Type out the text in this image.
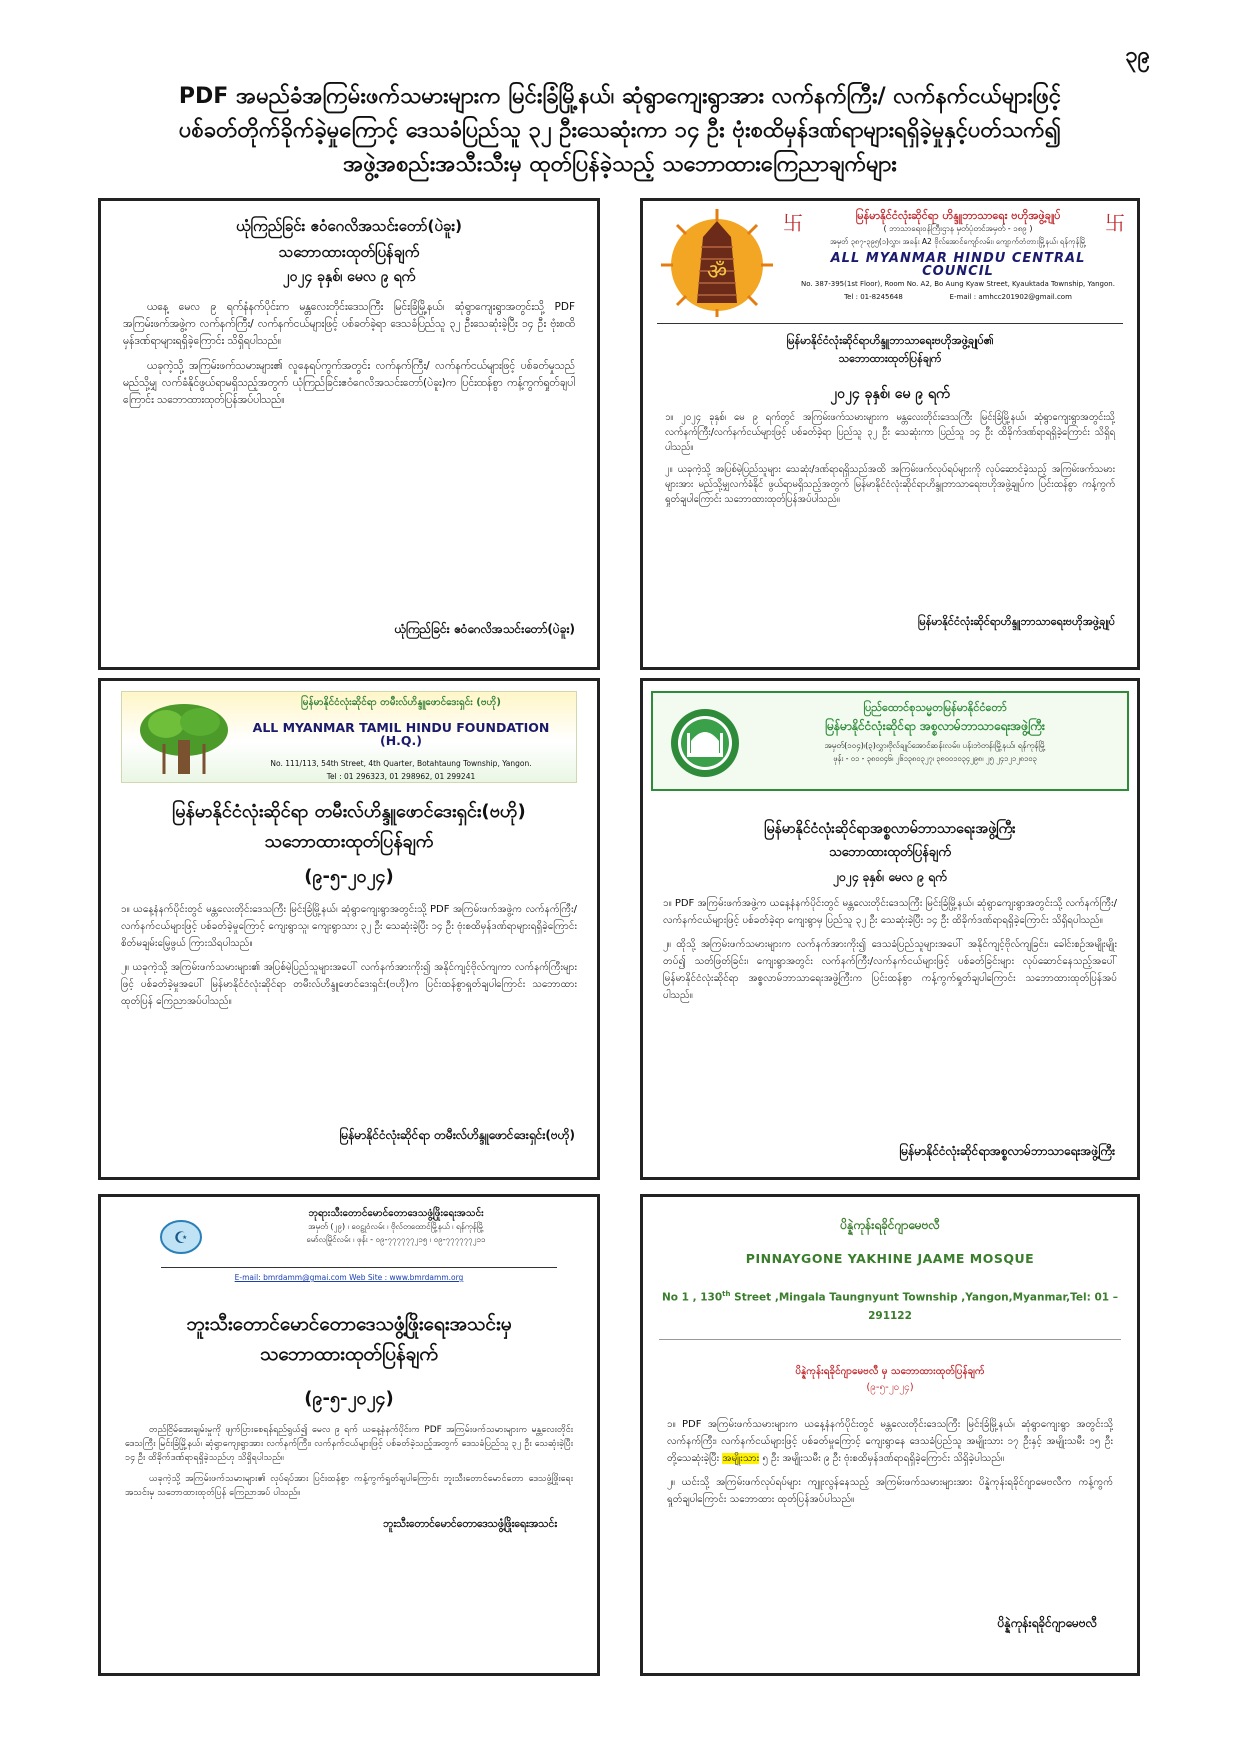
၃၉
PDF အမည်ခံအကြမ်းဖက်သမားများက မြင်းခြံမြို့နယ်၊ ဆုံရွာကျေးရွာအား လက်နက်ကြီး/ လက်နက်ငယ်များဖြင့်
ပစ်ခတ်တိုက်ခိုက်ခဲ့မှုကြောင့် ဒေသခံပြည်သူ ၃၂ ဦးသေဆုံးကာ ၁၄ ဦး ဗုံးစထိမှန်ဒဏ်ရာများရရှိခဲ့မှုနှင့်ပတ်သက်၍
အဖွဲ့အစည်းအသီးသီးမှ ထုတ်ပြန်ခဲ့သည့် သဘောထားကြေညာချက်များ
ယုံကြည်ခြင်း ဧဝံဂေလိအသင်းတော်(ပဲခူး)
သဘောထားထုတ်ပြန်ချက်
၂၀၂၄ ခုနှစ်၊ မေလ ၉ ရက်

ယနေ့ မေလ ၉ ရက်နံနက်ပိုင်းက မန္တလေးတိုင်းဒေသကြီး မြင်းခြံမြို့နယ်၊ ဆုံရွာကျေးရွာအတွင်းသို့ PDF အကြမ်းဖက်အဖွဲ့က လက်နက်ကြီး/ လက်နက်ငယ်များဖြင့် ပစ်ခတ်ခဲ့ရာ ဒေသခံပြည်သူ ၃၂ ဦးသေဆုံးခဲ့ပြီး ၁၄ ဦး ဗုံးစထိမှန်ဒဏ်ရာများရရှိခဲ့ကြောင်း သိရှိရပါသည်။

ယခုကဲ့သို့ အကြမ်းဖက်သမားများ၏ လူနေရပ်ကွက်အတွင်း လက်နက်ကြီး/ လက်နက်ငယ်များဖြင့် ပစ်ခတ်မှုသည် မည်သို့မျှ လက်ခံနိုင်ဖွယ်ရာမရှိသည့်အတွက် ယုံကြည်ခြင်းဧဝံဂေလိအသင်းတော်(ပဲခူး)က ပြင်းထန်စွာ ကန့်ကွက်ရှုတ်ချပါကြောင်း သဘောထားထုတ်ပြန်အပ်ပါသည်။

ယုံကြည်ခြင်း ဧဝံဂေလိအသင်းတော်(ပဲခူး)
卐	卐
ॐ
မြန်မာနိုင်ငံလုံးဆိုင်ရာ ဟိန္ဒူဘာသာရေး ဗဟိုအဖွဲ့ချုပ်
( ဘာသာရေးဝန်ကြီးဌာန မှတ်ပုံတင်အမှတ် - ၁၈၉ )
အမှတ် ၃၈၇-၃၉၅(၁)လွှာ၊ အခန်း A2 ဗိုလ်အောင်ကျော်လမ်း၊ ကျောက်တံတားမြို့နယ်၊ ရန်ကုန်မြို့
ALL MYANMAR HINDU CENTRAL COUNCIL
No. 387-395(1st Floor), Room No. A2, Bo Aung Kyaw Street, Kyauktada Township, Yangon.
Tel : 01-8245648                     E-mail : amhcc201902@gmail.com
မြန်မာနိုင်ငံလုံးဆိုင်ရာဟိန္ဒူဘာသာရေးဗဟိုအဖွဲ့ချုပ်၏
သဘောထားထုတ်ပြန်ချက်
၂၀၂၄ ခုနှစ်၊ မေ ၉ ရက်

၁။ ၂၀၂၄ ခုနှစ်၊ မေ ၉ ရက်တွင် အကြမ်းဖက်သမားများက မန္တလေးတိုင်းဒေသကြီး မြင်းခြံမြို့နယ်၊ ဆုံရွာကျေးရွာအတွင်းသို့ လက်နက်ကြီး/လက်နက်ငယ်များဖြင့် ပစ်ခတ်ခဲ့ရာ ပြည်သူ ၃၂ ဦး သေဆုံးကာ ပြည်သူ ၁၄ ဦး ထိခိုက်ဒဏ်ရာရရှိခဲ့ကြောင်း သိရှိရပါသည်။

၂။ ယခုကဲ့သို့ အပြစ်မဲ့ပြည်သူများ သေဆုံး/ဒဏ်ရာရရှိသည်အထိ အကြမ်းဖက်လုပ်ရပ်များကို လုပ်ဆောင်ခဲ့သည့် အကြမ်းဖက်သမားများအား မည်သို့မျှလက်ခံနိုင် ဖွယ်ရာမရှိသည့်အတွက် မြန်မာနိုင်ငံလုံးဆိုင်ရာဟိန္ဒူဘာသာရေးဗဟိုအဖွဲ့ချုပ်က ပြင်းထန်စွာ ကန့်ကွက်ရှုတ်ချပါကြောင်း သဘောထားထုတ်ပြန်အပ်ပါသည်။

မြန်မာနိုင်ငံလုံးဆိုင်ရာဟိန္ဒူဘာသာရေးဗဟိုအဖွဲ့ချုပ်
မြန်မာနိုင်ငံလုံးဆိုင်ရာ တမီးလ်ဟိန္ဒူဖောင်ဒေးရှင်း (ဗဟို)
ALL MYANMAR TAMIL HINDU FOUNDATION (H.Q.)
No. 111/113, 54th Street, 4th Quarter, Botahtaung Township, Yangon.
Tel : 01 296323, 01 298962, 01 299241
မြန်မာနိုင်ငံလုံးဆိုင်ရာ တမီးလ်ဟိန္ဒူဖောင်ဒေးရှင်း(ဗဟို)
သဘောထားထုတ်ပြန်ချက်
(၉-၅-၂၀၂၄)

၁။ ယနေ့နံနက်ပိုင်းတွင် မန္တလေးတိုင်းဒေသကြီး မြင်းခြံမြို့နယ်၊ ဆုံရွာကျေးရွာအတွင်းသို့ PDF အကြမ်းဖက်အဖွဲ့က လက်နက်ကြီး/လက်နက်ငယ်များဖြင့် ပစ်ခတ်ခဲ့မှုကြောင့် ကျေးရွာသူ၊ ကျေးရွာသား ၃၂ ဦး သေဆုံးခဲ့ပြီး ၁၄ ဦး ဗုံးစထိမှန်ဒဏ်ရာများရရှိခဲ့ကြောင်း စိတ်မချမ်းမြေ့ဖွယ် ကြားသိရပါသည်။

၂။ ယခုကဲ့သို့ အကြမ်းဖက်သမားများ၏ အပြစ်မဲ့ပြည်သူများအပေါ် လက်နက်အားကိုး၍ အနိုင်ကျင့်ဗိုလ်ကျကာ လက်နက်ကြီးများဖြင့် ပစ်ခတ်ခဲ့မှုအပေါ် မြန်မာနိုင်ငံလုံးဆိုင်ရာ တမီးလ်ဟိန္ဒူဖောင်ဒေးရှင်း(ဗဟို)က ပြင်းထန်စွာရှုတ်ချပါကြောင်း သဘောထားထုတ်ပြန် ကြေညာအပ်ပါသည်။

မြန်မာနိုင်ငံလုံးဆိုင်ရာ တမီးလ်ဟိန္ဒူဖောင်ဒေးရှင်း(ဗဟို)
ပြည်ထောင်စုသမ္မတမြန်မာနိုင်ငံတော်
မြန်မာနိုင်ငံလုံးဆိုင်ရာ အစ္စလာမ်ဘာသာရေးအဖွဲ့ကြီး
အမှတ်(၁၀၄)၊(၃)လွှာ၊ဗိုလ်ချုပ်အောင်ဆန်းလမ်း၊ ပန်းဘဲတန်းမြို့နယ်၊ ရန်ကုန်မြို့
ဖုန်း - ၀၁ - ၃၈၀၀၄၆၊ ၂၆၁၃၈၀၃၂၇၊ ၃၈၀၀၁၀၃၄၂၉၈၊ ၂၅ ၂၄၁၂၁၂၈၁၀၃
မြန်မာနိုင်ငံလုံးဆိုင်ရာအစ္စလာမ်ဘာသာရေးအဖွဲ့ကြီး
သဘောထားထုတ်ပြန်ချက်
၂၀၂၄ ခုနှစ်၊ မေလ ၉ ရက်

၁။ PDF အကြမ်းဖက်အဖွဲ့က ယနေ့နံနက်ပိုင်းတွင် မန္တလေးတိုင်းဒေသကြီး မြင်းခြံမြို့နယ်၊ ဆုံရွာကျေးရွာအတွင်းသို့ လက်နက်ကြီး/လက်နက်ငယ်များဖြင့် ပစ်ခတ်ခဲ့ရာ ကျေးရွာမှ ပြည်သူ ၃၂ ဦး သေဆုံးခဲ့ပြီး ၁၄ ဦး ထိခိုက်ဒဏ်ရာရရှိခဲ့ကြောင်း သိရှိရပါသည်။

၂။ ထိုသို့ အကြမ်းဖက်သမားများက လက်နက်အားကိုး၍ ဒေသခံပြည်သူများအပေါ် အနိုင်ကျင့်ဗိုလ်ကျခြင်း၊ ခေါင်းစဉ်အမျိုးမျိုးတပ်၍ သတ်ဖြတ်ခြင်း၊ ကျေးရွာအတွင်း လက်နက်ကြီး/လက်နက်ငယ်များဖြင့် ပစ်ခတ်ခြင်းများ လုပ်ဆောင်နေသည့်အပေါ် မြန်မာနိုင်ငံလုံးဆိုင်ရာ အစ္စလာမ်ဘာသာရေးအဖွဲ့ကြီးက ပြင်းထန်စွာ ကန့်ကွက်ရှုတ်ချပါကြောင်း သဘောထားထုတ်ပြန်အပ်ပါသည်။

မြန်မာနိုင်ငံလုံးဆိုင်ရာအစ္စလာမ်ဘာသာရေးအဖွဲ့ကြီး
☪
ဘုရားသီးတောင်မောင်တောဒေသဖွံ့ဖြိုးရေးအသင်း
အမှတ် (၂၉) ၊ ဝေဠုဝံလမ်း ၊ ဗိုလ်တထောင်မြို့နယ် ၊ ရန်ကုန်မြို့
မော်လမြိုင်လမ်း ၊ ဖုန်း - ၀၉-၇၇၇၇၇၇၂၁၅ ၊ ၀၉-၇၇၇၇၇၇၂၁၁
E-mail: bmrdamm@gmai.com Web Site : www.bmrdamm.org
ဘူးသီးတောင်မောင်တောဒေသဖွံ့ဖြိုးရေးအသင်းမှ
သဘောထားထုတ်ပြန်ချက်
(၉-၅-၂၀၂၄)

တည်ငြိမ်အေးချမ်းမှုကို ဖျက်ပြားစေရန်ရည်ရွယ်၍ မေလ ၉ ရက် ယနေ့နံနက်ပိုင်းက PDF အကြမ်းဖက်သမားများက မန္တလေးတိုင်းဒေသကြီး မြင်းခြံမြို့နယ်၊ ဆုံရွာကျေးရွာအား လက်နက်ကြီး၊ လက်နက်ငယ်များဖြင့် ပစ်ခတ်ခဲ့သည့်အတွက် ဒေသခံပြည်သူ ၃၂ ဦး သေဆုံးခဲ့ပြီး ၁၄ ဦး ထိခိုက်ဒဏ်ရာရရှိခဲ့သည်ဟု သိရှိရပါသည်။

ယခုကဲ့သို့ အကြမ်းဖက်သမားများ၏ လုပ်ရပ်အား ပြင်းထန်စွာ ကန့်ကွက်ရှုတ်ချပါကြောင်း ဘူးသီးတောင်မောင်တော ဒေသဖွံ့ဖြိုးရေးအသင်းမှ သဘောထားထုတ်ပြန် ကြေညာအပ် ပါသည်။

ဘူးသီးတောင်မောင်တောဒေသဖွံ့ဖြိုးရေးအသင်း
ပိန္နဲကုန်းရခိုင်ဂျာမေဗလီ
PINNAYGONE YAKHINE JAAME MOSQUE
No 1 , 130th Street ,Mingala Taungnyunt Township ,Yangon,Myanmar,Tel: 01 – 291122
ပိန္နဲကုန်းရခိုင်ဂျာမေဗလီ မှ သဘောထားထုတ်ပြန်ချက်
(၉-၅-၂၀၂၄)

၁။ PDF အကြမ်းဖက်သမားများက ယနေ့နံနက်ပိုင်းတွင် မန္တလေးတိုင်းဒေသကြီး မြင်းခြံမြို့နယ်၊ ဆုံရွာကျေးရွာ အတွင်းသို့ လက်နက်ကြီး၊ လက်နက်ငယ်များဖြင့် ပစ်ခတ်မှုကြောင့် ကျေးရွာနေ ဒေသခံပြည်သူ အမျိုးသား ၁၇ ဦးနှင့် အမျိုးသမီး ၁၅ ဦး တို့သေဆုံးခဲ့ပြီး အမျိုးသား ၅ ဦး အမျိုးသမီး ၉ ဦး ဗုံးစထိမှန်ဒဏ်ရာရရှိခဲ့ကြောင်း သိရှိခဲ့ပါသည်။

၂။ ယင်းသို့ အကြမ်းဖက်လုပ်ရပ်များ ကျူးလွန်နေသည့် အကြမ်းဖက်သမားများအား ပိန္နဲကုန်းရခိုင်ဂျာမေဗလီက ကန့်ကွက်ရှုတ်ချပါကြောင်း သဘောထား ထုတ်ပြန်အပ်ပါသည်။

ပိန္နဲကုန်းရခိုင်ဂျာမေဗလီ
